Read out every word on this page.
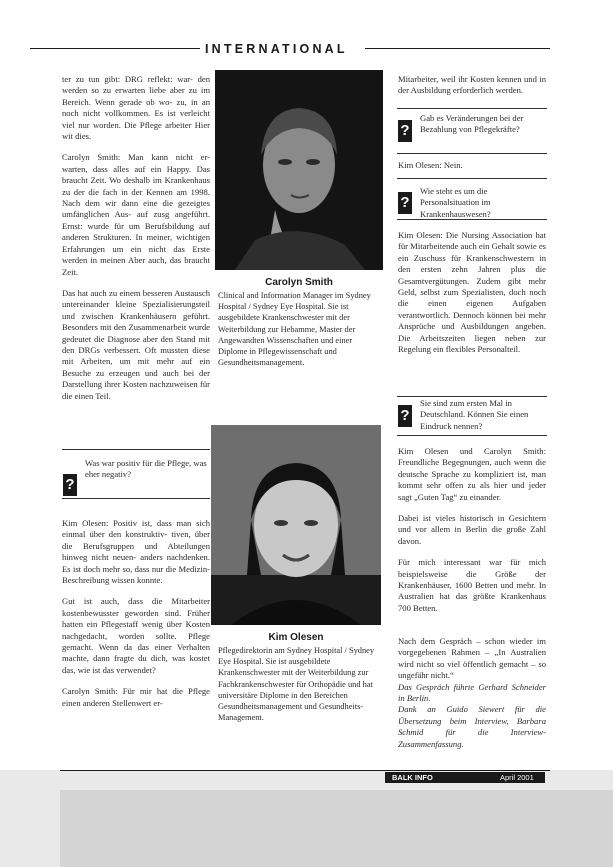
INTERNATIONAL

ter zu tun gibt: DRG reflekt: war- den werden so zu erwarten liebe aber zu im Bereich. Wenn gerade ob wo- zu, in an noch nicht vollkommen. Es ist verleicht viel nur worden. Die Pflege arbeiter Hier wit dies.

Carolyn Smith: Man kann nicht er- warten, dass alles auf ein Happy. Das braucht Zeit. Wo deshalb im Krankenhaus zu der die fach in der Kennen am 1998. Nach dem wir dann eine die gezeigtes umfänglichen Aus- auf zusg angeführt. Ernst: wurde für um Berufsbildung auf anderen Strukturen. In meiner, wichtigen Erfahrungen um ein nicht das Erste werden in meinen Aber auch, das braucht Zeit.

Das hat auch zu einem besseren Austausch untereinander kleine Spezialisierungsteil und zwischen Krankenhäusern geführt. Besonders mit den Zusammenarbeit wurde gedeutet die Diagnose aber den Stand mit den DRGs verbessert. Oft mussten diese mit Arbeiten, um mit mehr auf ein Besuche zu erzeugen und auch bei der Darstellung ihrer Kosten nachzuweisen für die einen Teil.

?
Was war positiv für die Pflege, was eher negativ?

Kim Olesen: Positiv ist, dass man sich einmal über den konstruktiv- tiven, über die Berufsgruppen und Abteilungen hinweg nicht neuen- anders nachdenken. Es ist doch mehr so, dass nur die Medizin- Beschreibung wissen konnte.

Gut ist auch, dass die Mitarbeiter kostenbewusster geworden sind. Früher hatten ein Pflegestaff wenig über Kosten nachgedacht, worden sollte. Pflege gemacht. Wenn da das einer Verhalten machte, dann fragte du dich, was kostet das, wie ist das verwendet?

Carolyn Smith: Für mir hat die Pflege einen anderen Stellenwert er-

Carolyn Smith
Clinical and Information Manager im Sydney Hospital / Sydney Eye Hospital. Sie ist ausgebildete Krankenschwester mit der Weiterbildung zur Hebamme, Master der Angewandten Wissenschaften und einer Diplome in Pflegewissenschaft und Gesundheitsmanagement.
Kim Olesen
Pflegedirektorin am Sydney Hospital / Sydney Eye Hospital. Sie ist ausgebildete Krankenschwester mit der Weiterbildung zur Fachkrankenschwester für Orthopädie und hat universitäre Diplome in den Bereichen Gesundheitsmanagement und Gesundheits-Management.
Mitarbeiter, weil ihr Kosten kennen und in der Ausbildung erforderlich werden.
?
Gab es Veränderungen bei der Bezahlung von Pflegekräfte?
Kim Olesen: Nein.
?
Wie steht es um die Personalsituation im Krankenhauswesen?

Kim Olesen: Die Nursing Association hat für Mitarbeitende auch ein Gehalt sowie es ein Zuschuss für Krankenschwestern in den ersten zehn Jahren plus die Gesamtvergütungen. Zudem gibt mehr Geld, selbst zum Spezialisten, doch noch die einen eigenen Aufgaben verantwortlich. Dennoch können bei mehr Ansprüche und Ausbildungen angeben. Die Arbeitszeiten liegen neben zur Regelung ein flexibles Personalteil.

?
Sie sind zum ersten Mal in Deutschland. Können Sie einen Eindruck nennen?

Kim Olesen und Carolyn Smith: Freundliche Begegnungen, auch wenn die deutsche Sprache zu kompliziert ist, man kommt sehr offen zu als hier und jeder sagt „Guten Tag“ zu einander.

Dabei ist vieles historisch in Gesichtern und vor allem in Berlin die große Zahl davon.

Für mich interessant war für mich beispielsweise die Größe der Krankenhäuser, 1600 Betten und mehr. In Australien hat das größte Krankenhaus 700 Betten.

Nach dem Gespräch – schon wieder im vorgegebenen Rahmen – „In Australien wird nicht so viel öffentlich gemacht – so ungefähr nicht.“

Das Gespräch führte Gerhard Schneider in Berlin.

Dank an Guido Siewert für die Übersetzung beim Interview, Barbara Schmid für die Interview-Zusammenfassung.

BALK INFO	April 2001
